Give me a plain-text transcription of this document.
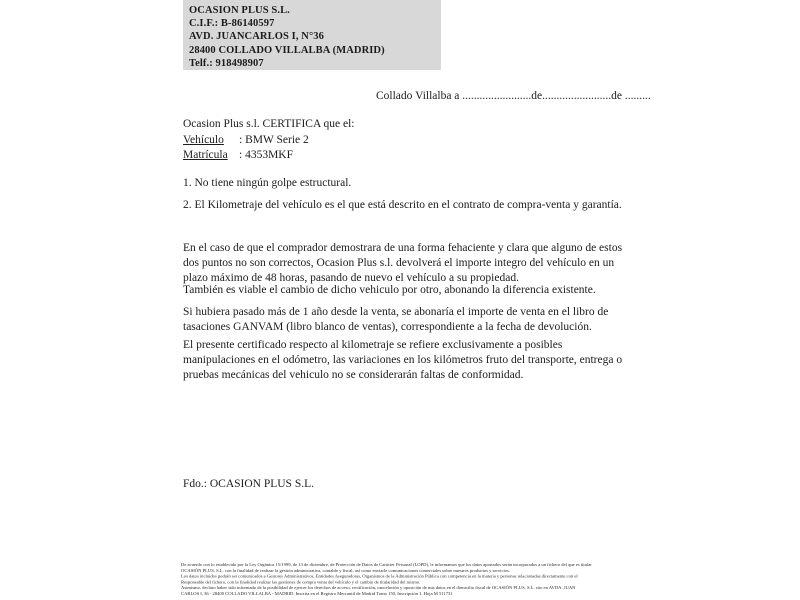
OCASION PLUS S.L.
C.I.F.: B-86140597
AVD. JUANCARLOS I, N°36
28400 COLLADO VILLALBA (MADRID)
Telf.: 918498907
Collado Villalba a ........................de........................de .........
Ocasion Plus s.l. CERTIFICA que el:
Vehículo : BMW Serie 2
Matrícula : 4353MKF
1. No tiene ningún golpe estructural.
2. El Kilometraje del vehículo es el que está descrito en el contrato de compra-venta y garantía.
En el caso de que el comprador demostrara de una forma fehaciente y clara que alguno de estos dos puntos no son correctos, Ocasion Plus s.l. devolverá el importe integro del vehículo en un plazo máximo de 48 horas, pasando de nuevo el vehículo a su propiedad.
También es viable el cambio de dicho vehiculo por otro, abonando la diferencia existente.
Si hubiera pasado más de 1 año desde la venta, se abonaría el importe de venta en el libro de tasaciones GANVAM (libro blanco de ventas), correspondiente a la fecha de devolución.
El presente certificado respecto al kilometraje se refiere exclusivamente a posibles manipulaciones en el odómetro, las variaciones en los kilómetros fruto del transporte, entrega o pruebas mecánicas del vehiculo no se considerarán faltas de conformidad.
Fdo.: OCASION PLUS S.L.
De acuerdo con lo establecido por la Ley Orgánica 15/1999, de 13 de diciembre, de Protección de Datos de Carácter Personal (LOPD), le informamos que los datos aportados serán incorporados a un fichero del que es titular
OCASIÓN PLUS, S.L. con la finalidad de realizar la gestión administrativa, contable y fiscal, así como enviarle comunicaciones comerciales sobre nuestros productos y servicios.
Los datos incluidos podrán ser comunicados a Gestores Administrativos, Entidades Aseguradoras, Organismos de la Administración Pública con competencia en la materia y personas relacionadas directamente con el
Responsable del fichero, con la finalidad realizar las gestiones de compra venta del vehículo y el cambio de titularidad del mismo.
Asimismo, declaro haber sido informado de la posibilidad de ejercer los derechos de acceso, rectificación, cancelación y oposición de mis datos en el domicilio fiscal de OCASIÓN PLUS, S.L. sito en AVDA. JUAN
CARLOS I, 36 - 28400 COLLADO VILLALBA - MADRID. Inscrita en el Registro Mercantil de Madrid Tomo 150, Inscripción 1, Hoja M 511731
